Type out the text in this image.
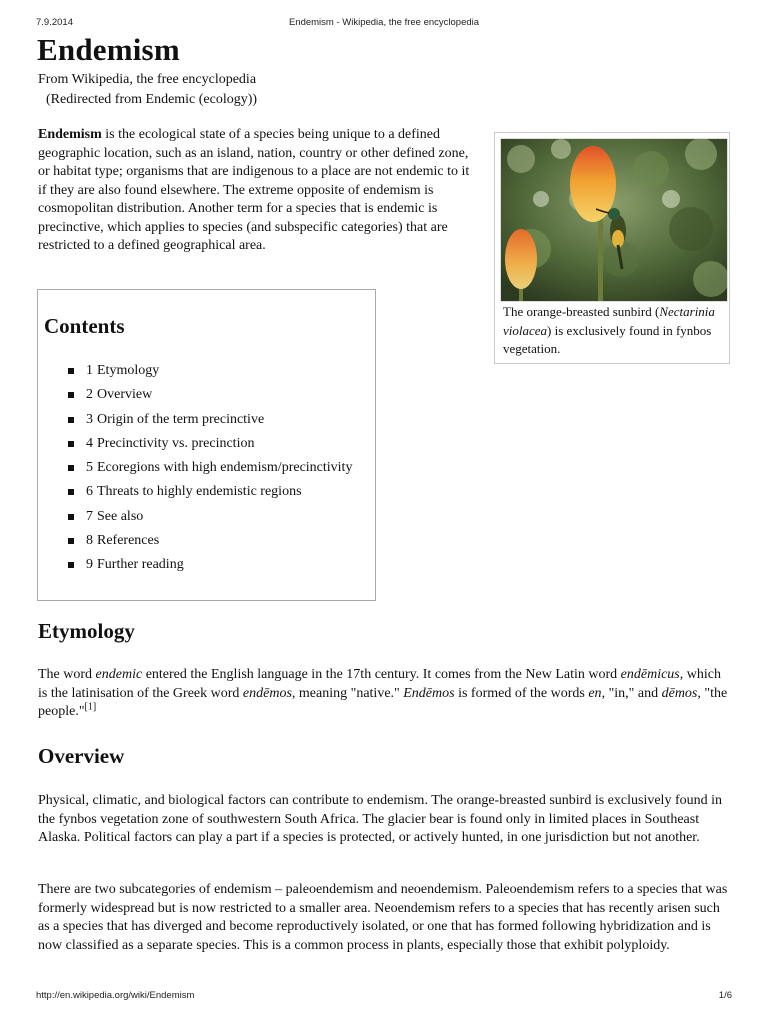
7.9.2014	Endemism - Wikipedia, the free encyclopedia
Endemism
From Wikipedia, the free encyclopedia
(Redirected from Endemic (ecology))

Endemism is the ecological state of a species being unique to a defined geographic location, such as an island, nation, country or other defined zone, or habitat type; organisms that are indigenous to a place are not endemic to it if they are also found elsewhere. The extreme opposite of endemism is cosmopolitan distribution. Another term for a species that is endemic is precinctive, which applies to species (and subspecific categories) that are restricted to a defined geographical area.

The orange-breasted sunbird (Nectarinia violacea) is exclusively found in fynbos vegetation.
Contents
1 Etymology
2 Overview
3 Origin of the term precinctive
4 Precinctivity vs. precinction
5 Ecoregions with high endemism/precinctivity
6 Threats to highly endemistic regions
7 See also
8 References
9 Further reading
Etymology

The word endemic entered the English language in the 17th century. It comes from the New Latin word endēmicus, which is the latinisation of the Greek word endēmos, meaning "native." Endēmos is formed of the words en, "in," and dēmos, "the people."[1]

Overview

Physical, climatic, and biological factors can contribute to endemism. The orange-breasted sunbird is exclusively found in the fynbos vegetation zone of southwestern South Africa. The glacier bear is found only in limited places in Southeast Alaska. Political factors can play a part if a species is protected, or actively hunted, in one jurisdiction but not another.

There are two subcategories of endemism – paleoendemism and neoendemism. Paleoendemism refers to a species that was formerly widespread but is now restricted to a smaller area. Neoendemism refers to a species that has recently arisen such as a species that has diverged and become reproductively isolated, or one that has formed following hybridization and is now classified as a separate species. This is a common process in plants, especially those that exhibit polyploidy.

http://en.wikipedia.org/wiki/Endemism	1/6
